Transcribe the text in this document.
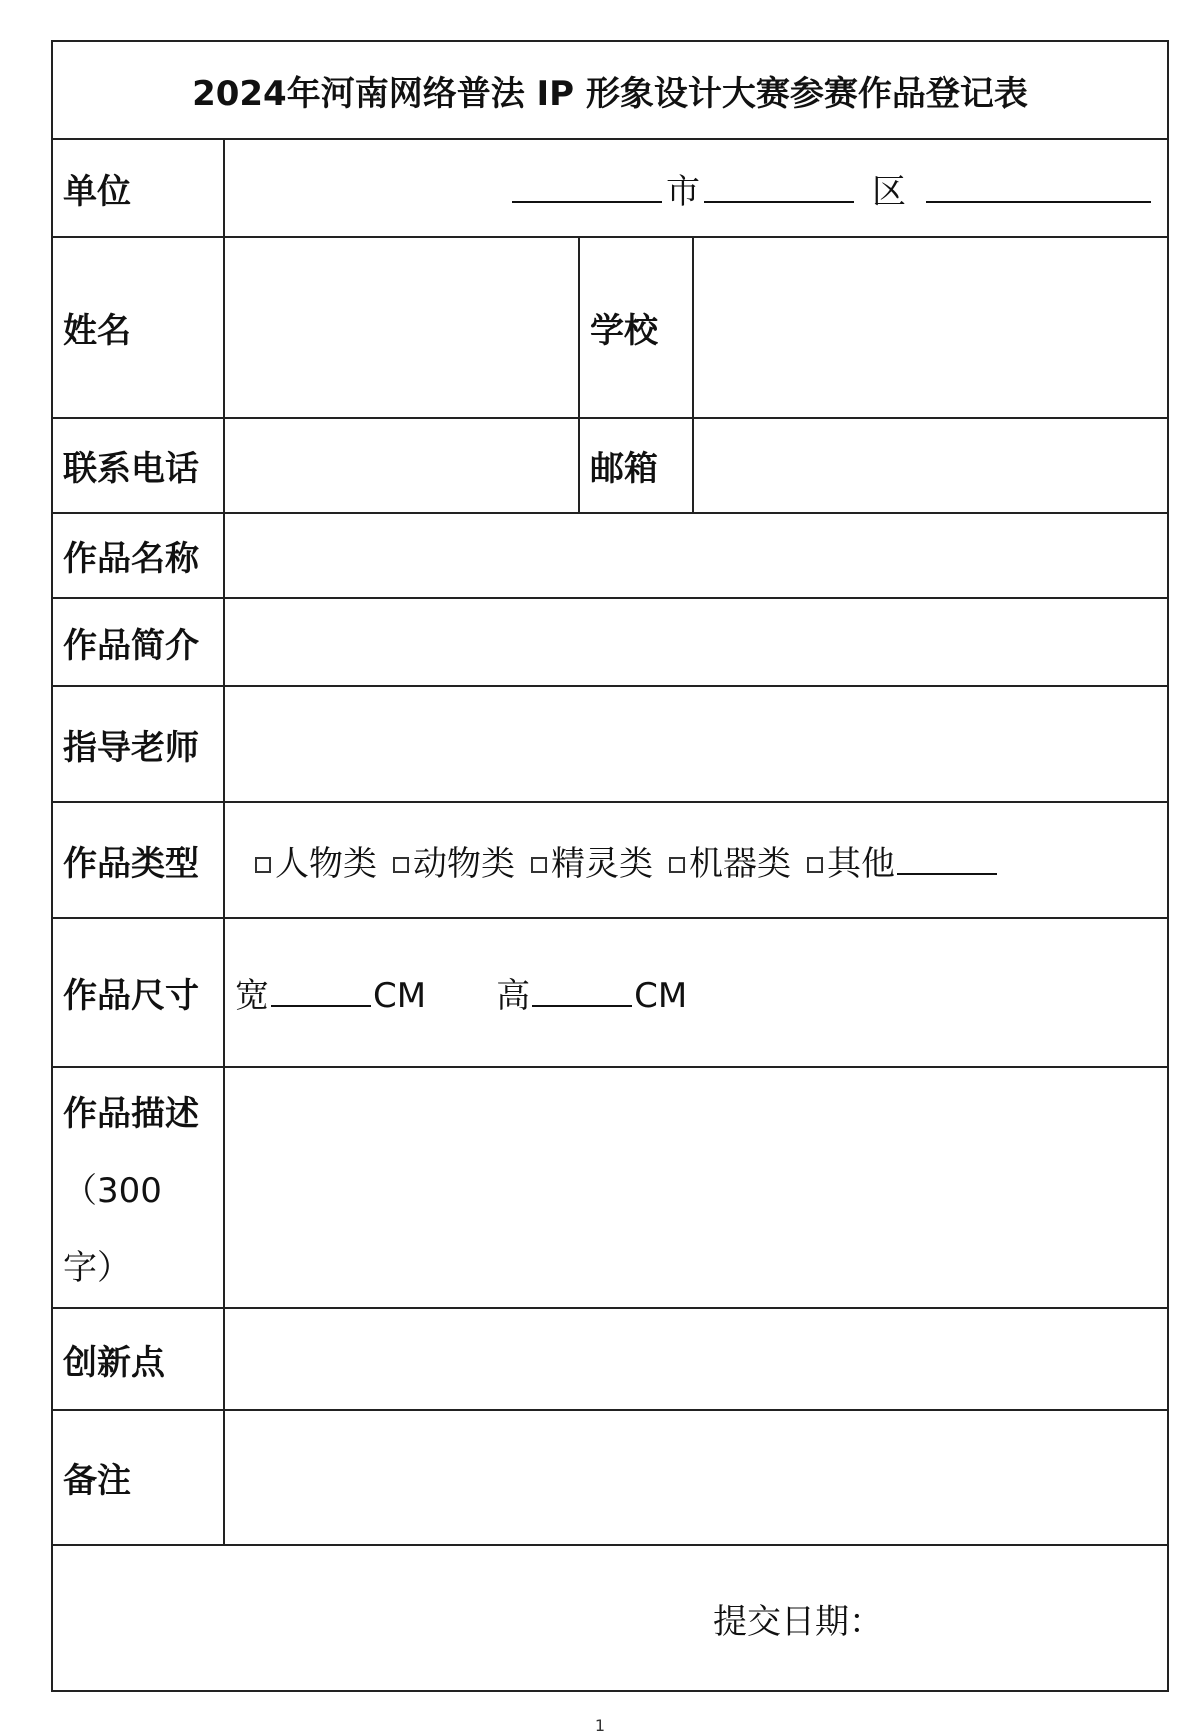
2024年河南网络普法 IP 形象设计大赛参赛作品登记表			
单位	市 区		
姓名		学校	
联系电话		邮箱	
作品名称			
作品简介			
指导老师			
作品类型	人物类 动物类 精灵类 机器类 其他		
作品尺寸	宽 CM 高 CM		
作品描述
（300
字）			
创新点			
备注			
提交日期：			
1
